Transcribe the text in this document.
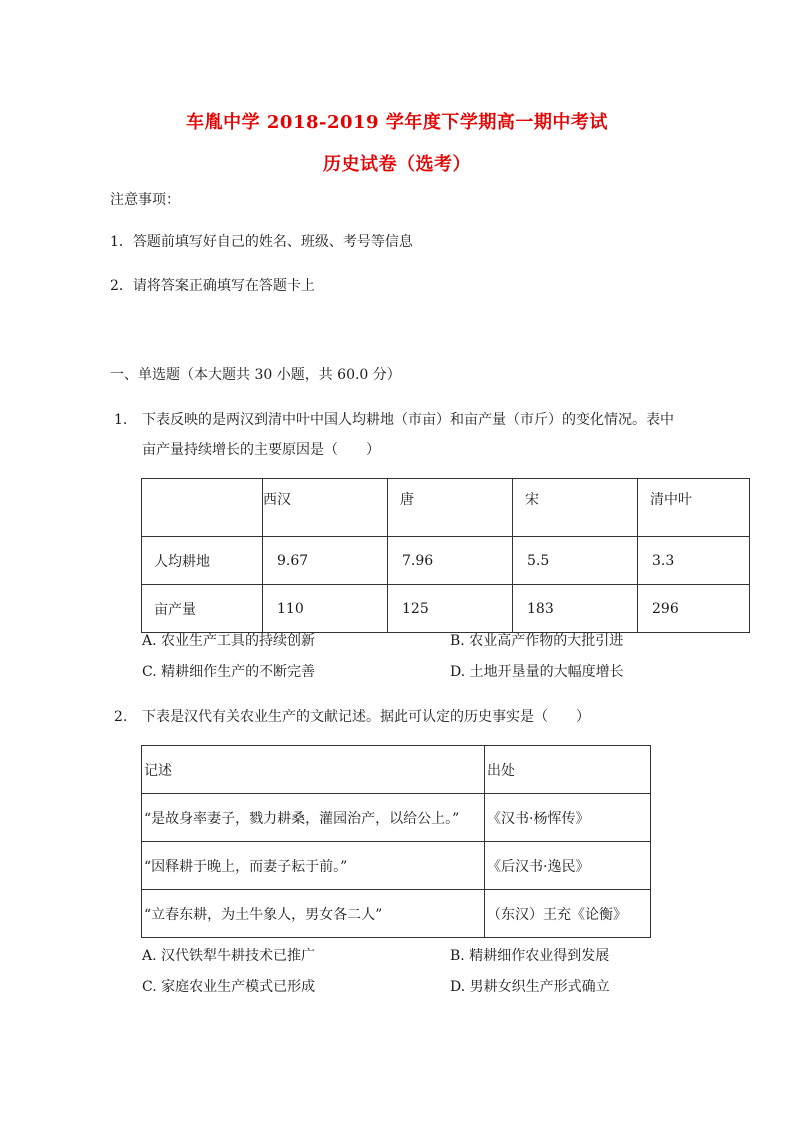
车胤中学 2018-2019 学年度下学期高一期中考试
历史试卷（选考）
注意事项：
1．答题前填写好自己的姓名、班级、考号等信息
2．请将答案正确填写在答题卡上
一、单选题（本大题共 30 小题，共 60.0 分）
1. 下表反映的是两汉到清中叶中国人均耕地（市亩）和亩产量（市斤）的变化情况。表中
亩产量持续增长的主要原因是（　　）
	西汉	唐	宋	清中叶
人均耕地	9.67	7.96	5.5	3.3
亩产量	110	125	183	296
A. 农业生产工具的持续创新	B. 农业高产作物的大批引进
C. 精耕细作生产的不断完善	D. 土地开垦量的大幅度增长
2. 下表是汉代有关农业生产的文献记述。据此可认定的历史事实是（　　）
记述	出处
“是故身率妻子，戮力耕桑，灌园治产，以给公上。”	《汉书·杨恽传》
“因释耕于晚上，而妻子耘于前。”	《后汉书·逸民》
“立春东耕，为土牛象人，男女各二人”	（东汉）王充《论衡》
A. 汉代铁犁牛耕技术已推广	B. 精耕细作农业得到发展
C. 家庭农业生产模式已形成	D. 男耕女织生产形式确立
